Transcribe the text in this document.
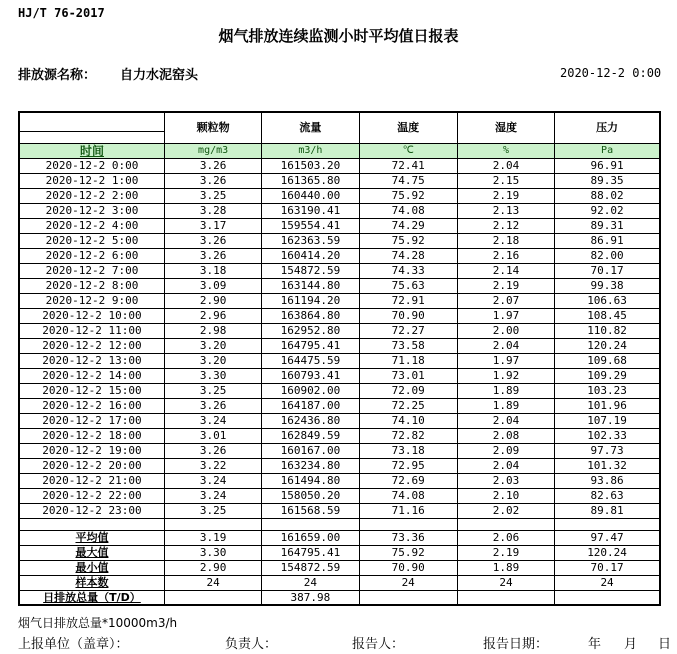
HJ/T 76-2017
烟气排放连续监测小时平均值日报表
排放源名称： 自力水泥窑头	2020-12-2 0:00
	颗粒物	流量	温度	湿度	压力

时间	mg/m3	m3/h	℃	%	Pa
2020-12-2 0:00	3.26	161503.20	72.41	2.04	96.91
2020-12-2 1:00	3.26	161365.80	74.75	2.15	89.35
2020-12-2 2:00	3.25	160440.00	75.92	2.19	88.02
2020-12-2 3:00	3.28	163190.41	74.08	2.13	92.02
2020-12-2 4:00	3.17	159554.41	74.29	2.12	89.31
2020-12-2 5:00	3.26	162363.59	75.92	2.18	86.91
2020-12-2 6:00	3.26	160414.20	74.28	2.16	82.00
2020-12-2 7:00	3.18	154872.59	74.33	2.14	70.17
2020-12-2 8:00	3.09	163144.80	75.63	2.19	99.38
2020-12-2 9:00	2.90	161194.20	72.91	2.07	106.63
2020-12-2 10:00	2.96	163864.80	70.90	1.97	108.45
2020-12-2 11:00	2.98	162952.80	72.27	2.00	110.82
2020-12-2 12:00	3.20	164795.41	73.58	2.04	120.24
2020-12-2 13:00	3.20	164475.59	71.18	1.97	109.68
2020-12-2 14:00	3.30	160793.41	73.01	1.92	109.29
2020-12-2 15:00	3.25	160902.00	72.09	1.89	103.23
2020-12-2 16:00	3.26	164187.00	72.25	1.89	101.96
2020-12-2 17:00	3.24	162436.80	74.10	2.04	107.19
2020-12-2 18:00	3.01	162849.59	72.82	2.08	102.33
2020-12-2 19:00	3.26	160167.00	73.18	2.09	97.73
2020-12-2 20:00	3.22	163234.80	72.95	2.04	101.32
2020-12-2 21:00	3.24	161494.80	72.69	2.03	93.86
2020-12-2 22:00	3.24	158050.20	74.08	2.10	82.63
2020-12-2 23:00	3.25	161568.59	71.16	2.02	89.81

平均值	3.19	161659.00	73.36	2.06	97.47
最大值	3.30	164795.41	75.92	2.19	120.24
最小值	2.90	154872.59	70.90	1.89	70.17
样本数	24	24	24	24	24
日排放总量（T/D）		387.98			
烟气日排放总量*10000m3/h
上报单位（盖章）：	负责人：	报告人：	报告日期：	年 月 日
